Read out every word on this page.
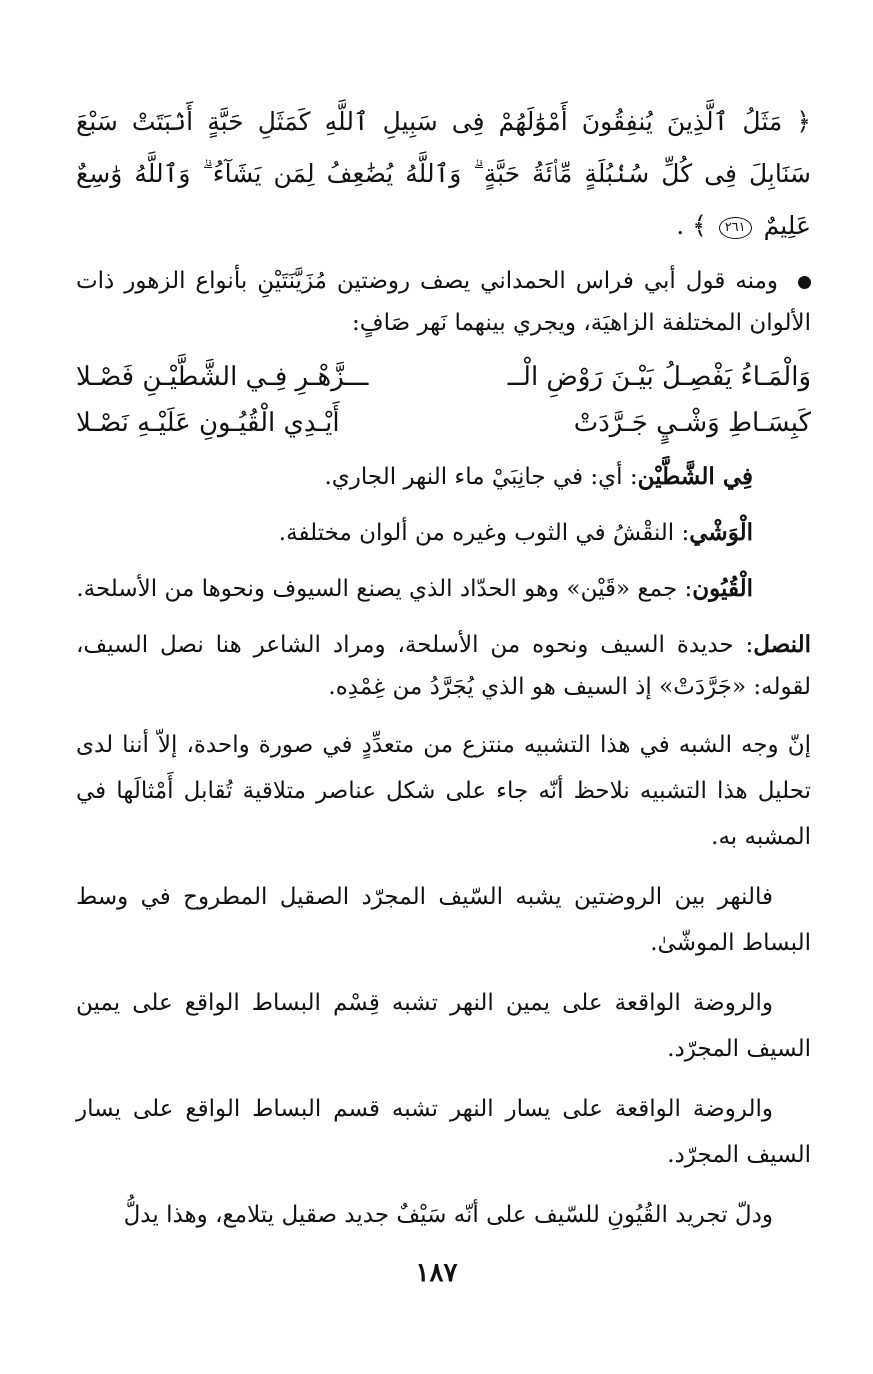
﴿ مَثَلُ ٱلَّذِينَ يُنفِقُونَ أَمْوَٰلَهُمْ فِى سَبِيلِ ٱللَّهِ كَمَثَلِ حَبَّةٍ أَنۢبَتَتْ سَبْعَ سَنَابِلَ فِى كُلِّ سُنۢبُلَةٍ مِّا۟ئَةُ حَبَّةٍ ۗ وَٱللَّهُ يُضَٰعِفُ لِمَن يَشَآءُ ۗ وَٱللَّهُ وَٰسِعٌ عَلِيمٌ ٢٦١ ﴾ .

ومنه قول أبي فراس الحمداني يصف روضتين مُزَيَّنَتَيْنِ بأنواع الزهور ذات الألوان المختلفة الزاهيَة، ويجري بينهما نَهر صَافٍ:

وَالْمَـاءُ يَفْصِـلُ بَيْـنَ رَوْضِ الْــ
ـــزَّهْـرِ فِـي الشَّطَّيْـنِ فَصْـلا

كَبِسَـاطِ وَشْـيٍ جَـرَّدَتْ
أَيْـدِي الْقُيُـونِ عَلَيْـهِ نَصْـلا

فِي الشَّطَّيْن: أي: في جانِبَيْ ماء النهر الجاري.

الْوَشْي: النقْشُ في الثوب وغيره من ألوان مختلفة.

الْقُيُون: جمع «قَيْن» وهو الحدّاد الذي يصنع السيوف ونحوها من الأسلحة.

النصل: حديدة السيف ونحوه من الأسلحة، ومراد الشاعر هنا نصل السيف، لقوله: «جَرَّدَتْ» إذ السيف هو الذي يُجَرَّدُ من غِمْدِه.

إنّ وجه الشبه في هذا التشبيه منتزع من متعدِّدٍ في صورة واحدة، إلاّ أننا لدى تحليل هذا التشبيه نلاحظ أنّه جاء على شكل عناصر متلاقية تُقابل أَمْثالَها في المشبه به.

فالنهر بين الروضتين يشبه السّيف المجرّد الصقيل المطروح في وسط البساط الموشّىٰ.

والروضة الواقعة على يمين النهر تشبه قِسْم البساط الواقع على يمين السيف المجرّد.

والروضة الواقعة على يسار النهر تشبه قسم البساط الواقع على يسار السيف المجرّد.

ودلّ تجريد القُيُونِ للسّيف على أنّه سَيْفٌ جديد صقيل يتلامع، وهذا يدلُّ

١٨٧
